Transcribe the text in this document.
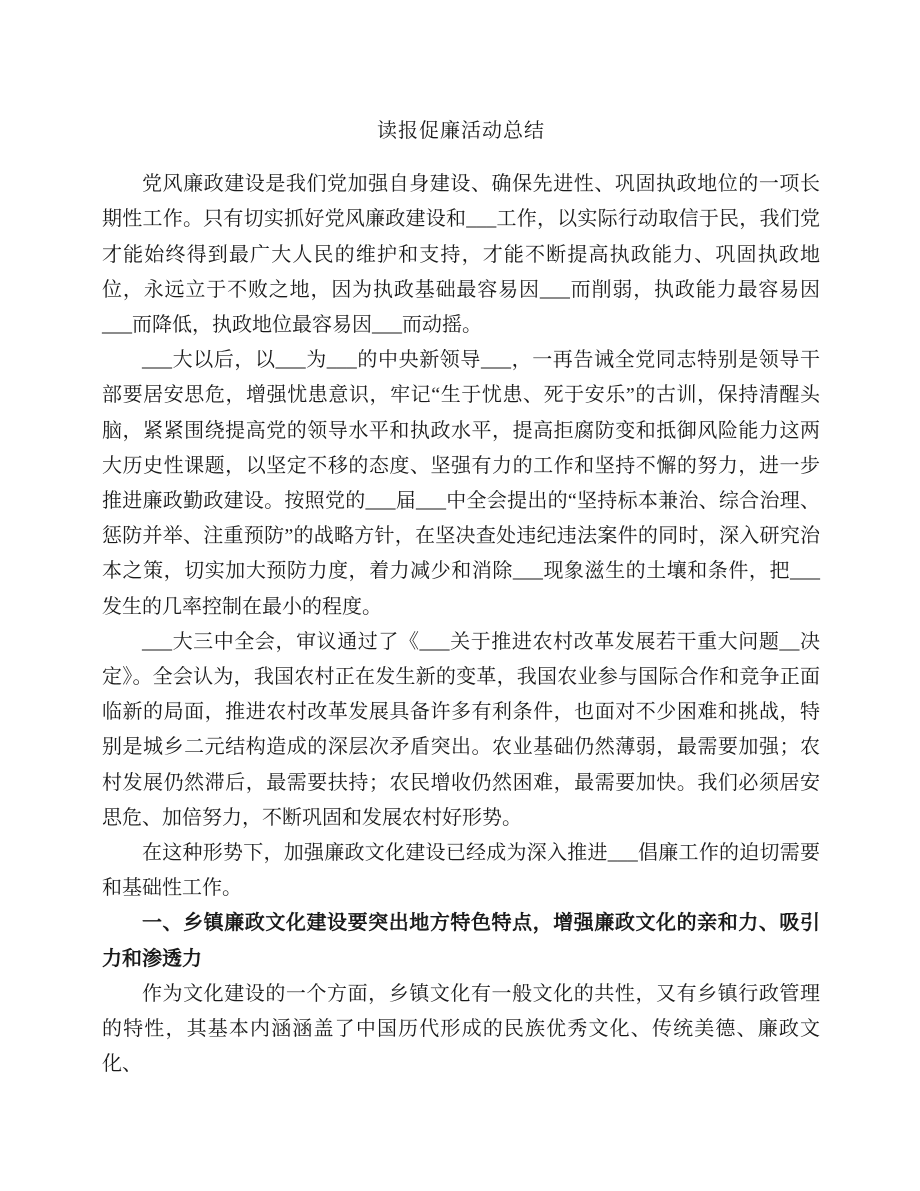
读报促廉活动总结

党风廉政建设是我们党加强自身建设、确保先进性、巩固执政地位的一项长期性工作。只有切实抓好党风廉政建设和___工作，以实际行动取信于民，我们党才能始终得到最广大人民的维护和支持，才能不断提高执政能力、巩固执政地位，永远立于不败之地，因为执政基础最容易因___而削弱，执政能力最容易因___而降低，执政地位最容易因___而动摇。

___大以后，以___为___的中央新领导___，一再告诫全党同志特别是领导干部要居安思危，增强忧患意识，牢记“生于忧患、死于安乐”的古训，保持清醒头脑，紧紧围绕提高党的领导水平和执政水平，提高拒腐防变和抵御风险能力这两大历史性课题，以坚定不移的态度、坚强有力的工作和坚持不懈的努力，进一步推进廉政勤政建设。按照党的___届___中全会提出的“坚持标本兼治、综合治理、惩防并举、注重预防”的战略方针，在坚决查处违纪违法案件的同时，深入研究治本之策，切实加大预防力度，着力减少和消除___现象滋生的土壤和条件，把___发生的几率控制在最小的程度。

___大三中全会，审议通过了《___关于推进农村改革发展若干重大问题__决定》。全会认为，我国农村正在发生新的变革，我国农业参与国际合作和竞争正面临新的局面，推进农村改革发展具备许多有利条件，也面对不少困难和挑战，特别是城乡二元结构造成的深层次矛盾突出。农业基础仍然薄弱，最需要加强；农村发展仍然滞后，最需要扶持；农民增收仍然困难，最需要加快。我们必须居安思危、加倍努力，不断巩固和发展农村好形势。

在这种形势下，加强廉政文化建设已经成为深入推进___倡廉工作的迫切需要和基础性工作。

一、乡镇廉政文化建设要突出地方特色特点，增强廉政文化的亲和力、吸引力和渗透力

作为文化建设的一个方面，乡镇文化有一般文化的共性，又有乡镇行政管理的特性，其基本内涵涵盖了中国历代形成的民族优秀文化、传统美德、廉政文化、
